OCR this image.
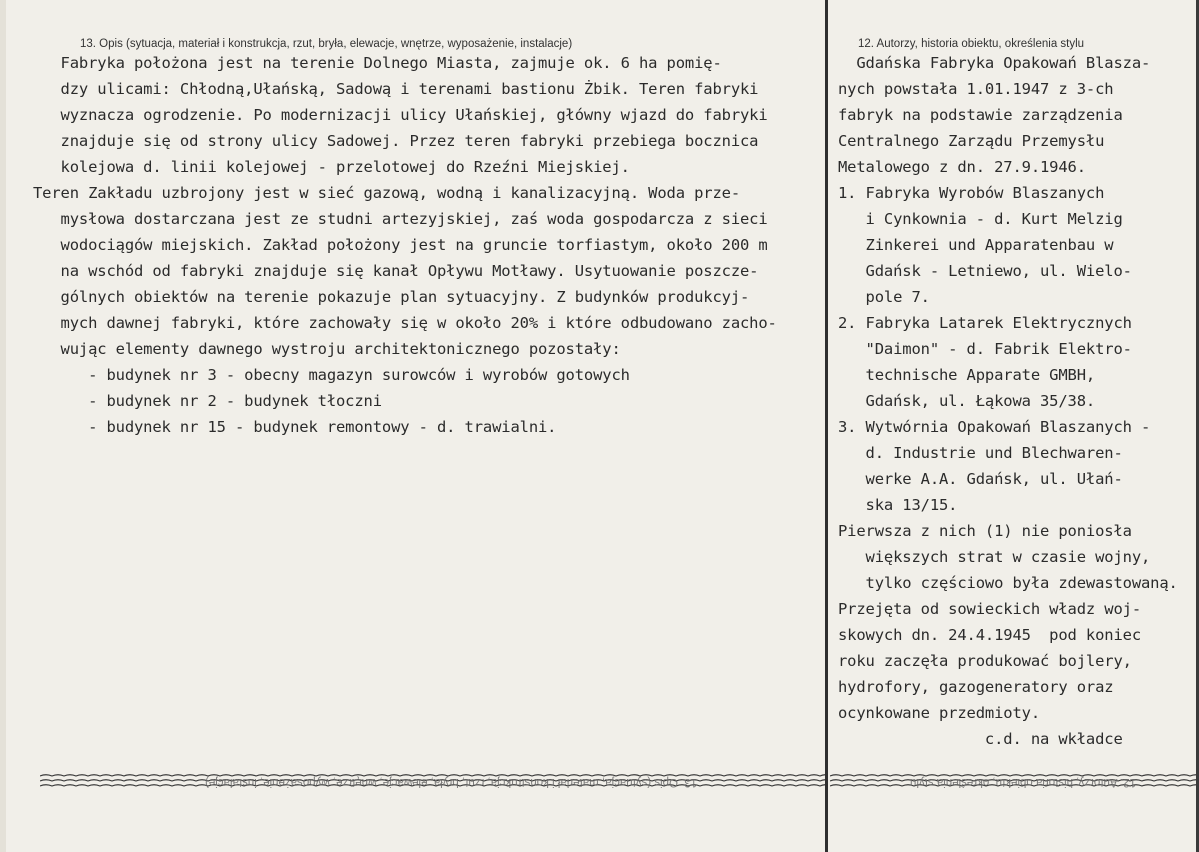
13. Opis (sytuacja, materiał i konstrukcja, rzut, bryła, elewacje, wnętrze, wyposażenie, instalacje)	12. Autorzy, historia obiektu, określenia stylu
Fabryka położona jest na terenie Dolnego Miasta, zajmuje ok. 6 ha pomię-
dzy ulicami: Chłodną,Ułańską, Sadową i terenami bastionu Żbik. Teren fabryki
wyznacza ogrodzenie. Po modernizacji ulicy Ułańskiej, główny wjazd do fabryki
znajduje się od strony ulicy Sadowej. Przez teren fabryki przebiega bocznica
kolejowa d. linii kolejowej - przelotowej do Rzeźni Miejskiej.
Teren Zakładu uzbrojony jest w sieć gazową, wodną i kanalizacyjną. Woda prze-
mysłowa dostarczana jest ze studni artezyjskiej, zaś woda gospodarcza z sieci
wodociągów miejskich. Zakład położony jest na gruncie torfiastym, około 200 m
na wschód od fabryki znajduje się kanał Opływu Motławy. Usytuowanie poszcze-
gólnych obiektów na terenie pokazuje plan sytuacyjny. Z budynków produkcyj-
mych dawnej fabryki, które zachowały się w około 20% i które odbudowano zacho-
wując elementy dawnego wystroju architektonicznego pozostały:
- budynek nr 3 - obecny magazyn surowców i wyrobów gotowych
- budynek nr 2 - budynek tłoczni
- budynek nr 15 - budynek remontowy - d. trawialni.
Gdańska Fabryka Opakowań Blasza-
nych powstała 1.01.1947 z 3-ch
fabryk na podstawie zarządzenia
Centralnego Zarządu Przemysłu
Metalowego z dn. 27.9.1946.
1. Fabryka Wyrobów Blaszanych
i Cynkownia - d. Kurt Melzig
Zinkerei und Apparatenbau w
Gdańsk - Letniewo, ul. Wielo-
pole 7.
2. Fabryka Latarek Elektrycznych
"Daimon" - d. Fabrik Elektro-
technische Apparate GMBH,
Gdańsk, ul. Łąkowa 35/38.
3. Wytwórnia Opakowań Blaszanych -
d. Industrie und Blechwaren-
werke A.A. Gdańsk, ul. Ułań-
ska 13/15.
Pierwsza z nich (1) nie poniosła
większych strat w czasie wojny,
tylko częściowo była zdewastowaną.
Przejęta od sowieckich władz woj-
skowych dn. 24.4.1945  pod koniec
roku zaczęła produkować bojlery,
hydrofory, gazogeneratory oraz
ocynkowane przedmioty.
c.d. na wkładce
13. Opis (sytuacja, materiał i konstrukcja, rzut, bryła, elewacje, wnętrze, wyposażenie, instalacje)	12. Autorzy, historia obiektu, określenia stylu
